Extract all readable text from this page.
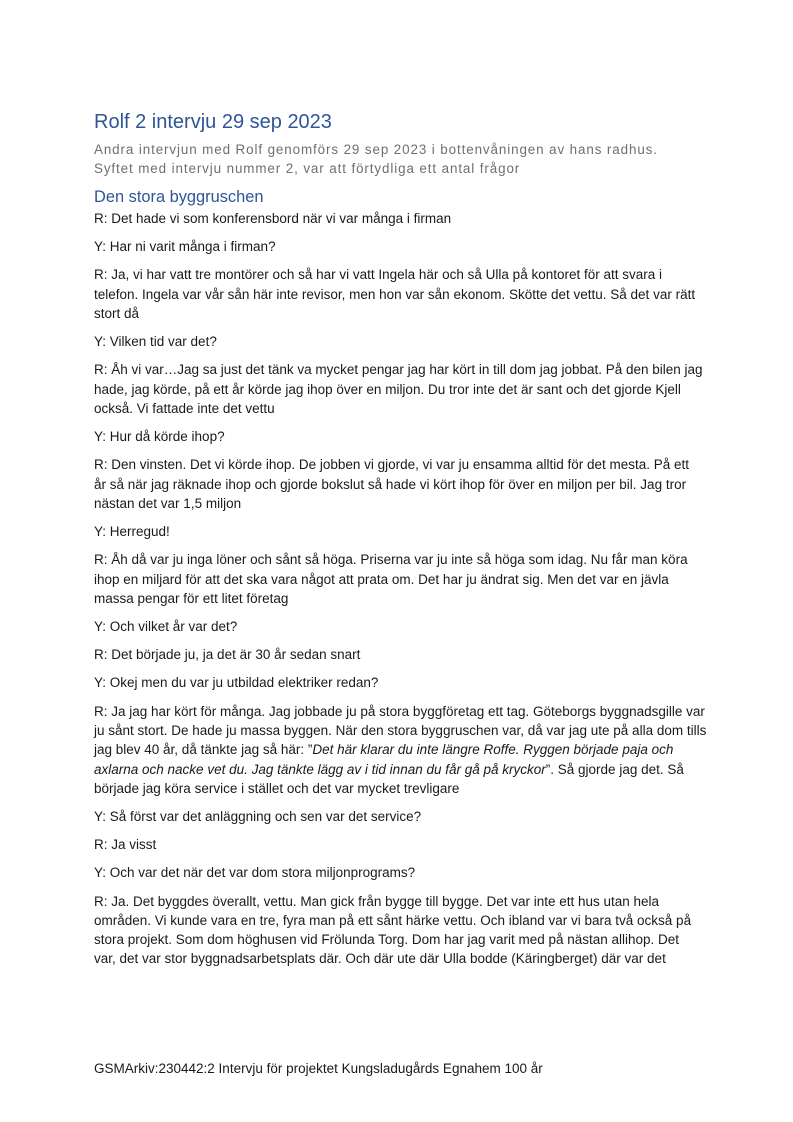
Rolf 2 intervju 29 sep 2023
Andra intervjun med Rolf genomförs 29 sep 2023 i bottenvåningen av hans radhus.
Syftet med intervju nummer 2, var att förtydliga ett antal frågor
Den stora byggruschen

R: Det hade vi som konferensbord när vi var många i firman

Y: Har ni varit många i firman?

R: Ja, vi har vatt tre montörer och så har vi vatt Ingela här och så Ulla på kontoret för att svara i
telefon. Ingela var vår sån här inte revisor, men hon var sån ekonom. Skötte det vettu. Så det var rätt
stort då

Y: Vilken tid var det?

R: Åh vi var…Jag sa just det tänk va mycket pengar jag har kört in till dom jag jobbat. På den bilen jag
hade, jag körde, på ett år körde jag ihop över en miljon. Du tror inte det är sant och det gjorde Kjell
också. Vi fattade inte det vettu

Y: Hur då körde ihop?

R: Den vinsten. Det vi körde ihop. De jobben vi gjorde, vi var ju ensamma alltid för det mesta. På ett
år så när jag räknade ihop och gjorde bokslut så hade vi kört ihop för över en miljon per bil. Jag tror
nästan det var 1,5 miljon

Y: Herregud!

R: Åh då var ju inga löner och sånt så höga. Priserna var ju inte så höga som idag. Nu får man köra
ihop en miljard för att det ska vara något att prata om. Det har ju ändrat sig. Men det var en jävla
massa pengar för ett litet företag

Y: Och vilket år var det?

R: Det började ju, ja det är 30 år sedan snart

Y: Okej men du var ju utbildad elektriker redan?

R: Ja jag har kört för många. Jag jobbade ju på stora byggföretag ett tag. Göteborgs byggnadsgille var
ju sånt stort. De hade ju massa byggen. När den stora byggruschen var, då var jag ute på alla dom tills
jag blev 40 år, då tänkte jag så här: ”Det här klarar du inte längre Roffe. Ryggen började paja och
axlarna och nacke vet du. Jag tänkte lägg av i tid innan du får gå på kryckor”. Så gjorde jag det. Så
började jag köra service i stället och det var mycket trevligare

Y: Så först var det anläggning och sen var det service?

R: Ja visst

Y: Och var det när det var dom stora miljonprograms?

R: Ja. Det byggdes överallt, vettu. Man gick från bygge till bygge. Det var inte ett hus utan hela
områden. Vi kunde vara en tre, fyra man på ett sånt härke vettu. Och ibland var vi bara två också på
stora projekt. Som dom höghusen vid Frölunda Torg. Dom har jag varit med på nästan allihop. Det
var, det var stor byggnadsarbetsplats där. Och där ute där Ulla bodde (Käringberget) där var det

GSMArkiv:230442:2 Intervju för projektet Kungsladugårds Egnahem 100 år
